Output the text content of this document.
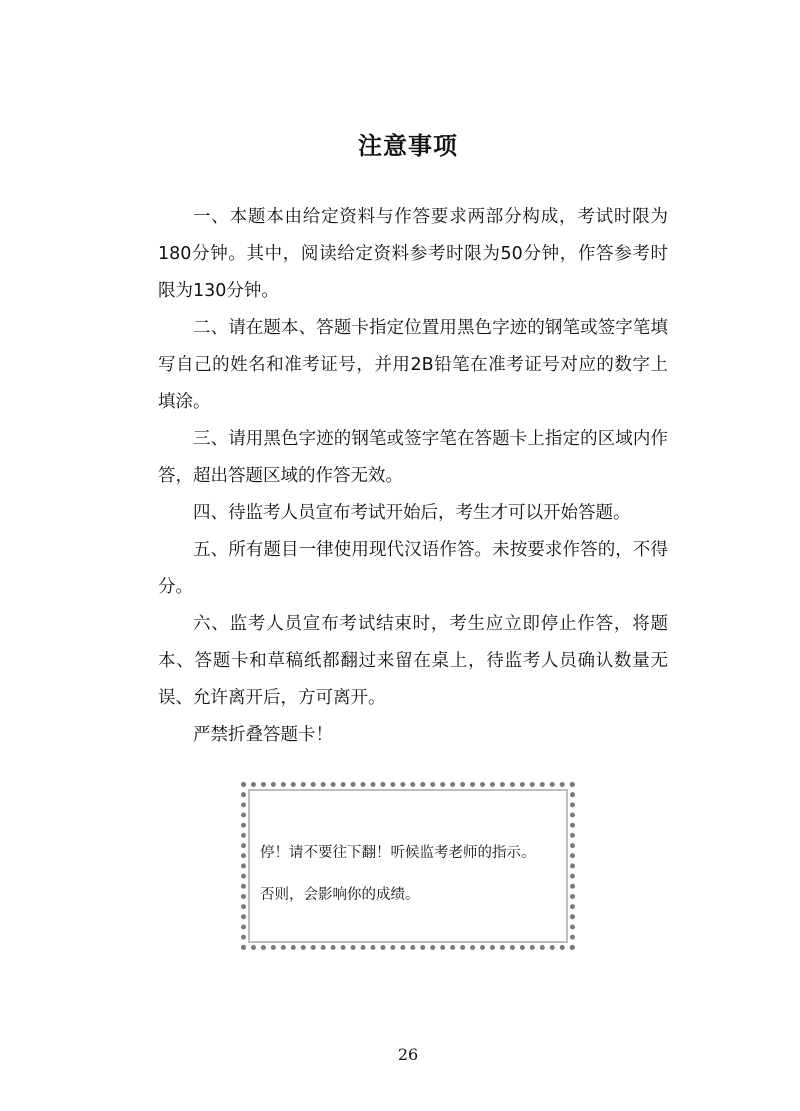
注意事项

一、本题本由给定资料与作答要求两部分构成，考试时限为180分钟。其中，阅读给定资料参考时限为50分钟，作答参考时限为130分钟。

二、请在题本、答题卡指定位置用黑色字迹的钢笔或签字笔填写自己的姓名和准考证号，并用2B铅笔在准考证号对应的数字上填涂。

三、请用黑色字迹的钢笔或签字笔在答题卡上指定的区域内作答，超出答题区域的作答无效。

四、待监考人员宣布考试开始后，考生才可以开始答题。

五、所有题目一律使用现代汉语作答。未按要求作答的，不得分。

六、监考人员宣布考试结束时，考生应立即停止作答，将题本、答题卡和草稿纸都翻过来留在桌上，待监考人员确认数量无误、允许离开后，方可离开。

严禁折叠答题卡！

停！请不要往下翻！听候监考老师的指示。

否则，会影响你的成绩。

26
